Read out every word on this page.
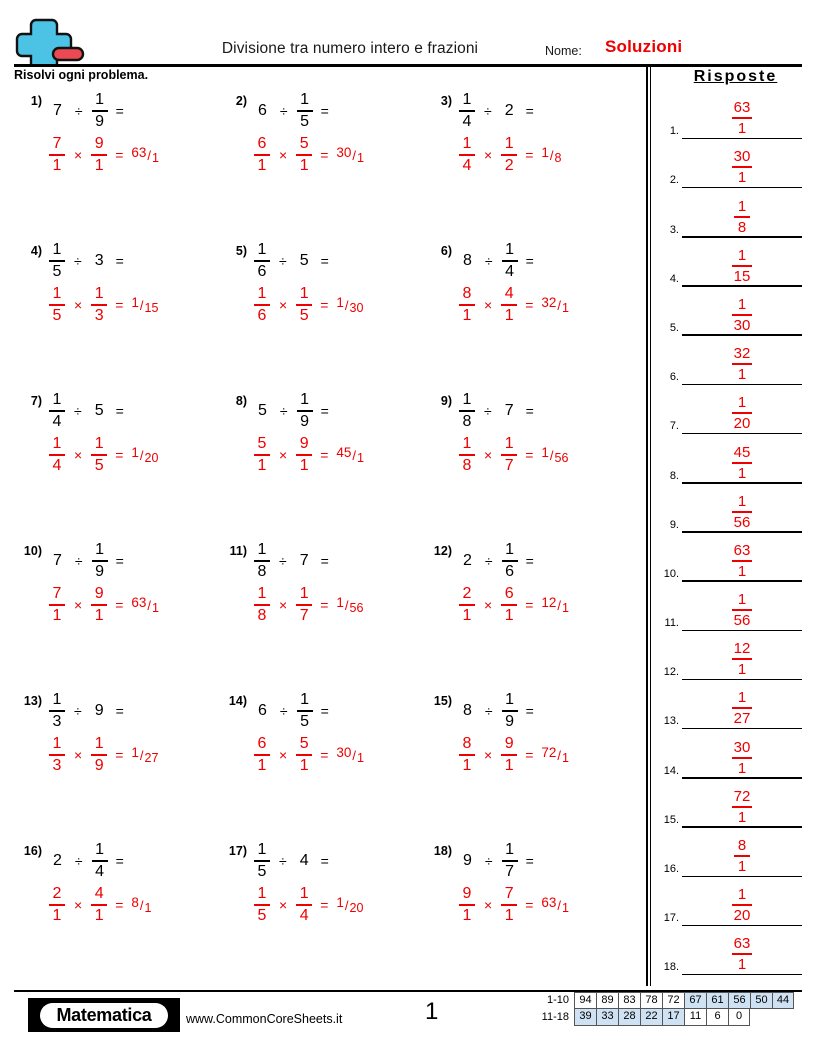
Divisione tra numero intero e frazioni	Nome: Soluzioni
Risolvi ogni problema.
1)
$7 \div \frac{1}{9}$ =
$\frac{7}{1} \times \frac{9}{1} = 63 / 1$
2)
$6 \div \frac{1}{5}$ =
$\frac{6}{1} \times \frac{5}{1} = 30 / 1$
$3) \frac{1}{4} \div 2$ =
$\frac{1}{4} \times \frac{1}{2} = 1 / 8$
$4) \frac{1}{5} \div 3$ =
$\frac{1}{5} \times \frac{1}{3} = 1 / 15$
$5) \frac{1}{6} \div 5$ =
$\frac{1}{6} \times \frac{1}{5} = 1 / 30$
6)
$8 \div \frac{1}{4}$ =
$\frac{8}{1} \times \frac{4}{1} = 32 / 1$
$7) \frac{1}{4} \div 5$ =
$\frac{1}{4} \times \frac{1}{5} = 1 / 20$
8)
$5 \div \frac{1}{9}$ =
$\frac{5}{1} \times \frac{9}{1} = 45 / 1$
$9) \frac{1}{8} \div 7$ =
$\frac{1}{8} \times \frac{1}{7} = 1 / 56$
10)
$7 \div \frac{1}{9}$ =
$\frac{7}{1} \times \frac{9}{1} = 63 / 1$
$11) \frac{1}{8} \div 7$ =
$\frac{1}{8} \times \frac{1}{7} = 1 / 56$
12)
$2 \div \frac{1}{6}$ =
$\frac{2}{1} \times \frac{6}{1} = 12 / 1$
$13) \frac{1}{3} \div 9$ =
$\frac{1}{3} \times \frac{1}{9} = 1 / 27$
14)
$6 \div \frac{1}{5}$ =
$\frac{6}{1} \times \frac{5}{1} = 30 / 1$
15)
$8 \div \frac{1}{9}$ =
$\frac{8}{1} \times \frac{9}{1} = 72 / 1$
16)
$2 \div \frac{1}{4}$ =
$\frac{2}{1} \times \frac{4}{1} = 8 / 1$
$17) \frac{1}{5} \div 4$ =
$\frac{1}{5} \times \frac{1}{4} = 1 / 20$
18)
$9 \div \frac{1}{7}$ =
$\frac{9}{1} \times \frac{7}{1} = 63 / 1$
Risposte
1.	$\frac{63}{1}$
2.	$\frac{30}{1}$
3.	$\frac{1}{8}$
4.	$\frac{1}{15}$
5.	$\frac{1}{30}$
6.	$\frac{32}{1}$
7.	$\frac{1}{20}$
8.	$\frac{45}{1}$
9.	$\frac{1}{56}$
10.	$\frac{63}{1}$
11.	$\frac{1}{56}$
12.	$\frac{12}{1}$
13.	$\frac{1}{27}$
14.	$\frac{30}{1}$
15.	$\frac{72}{1}$
16.	$\frac{8}{1}$
17.	$\frac{1}{20}$
18.	$\frac{63}{1}$
Matematica	www.CommonCoreSheets.it	1	1-10 94 89 83 78 72 67 61 56 50 44
11-18 39 33 28 22 17 11	6	0
